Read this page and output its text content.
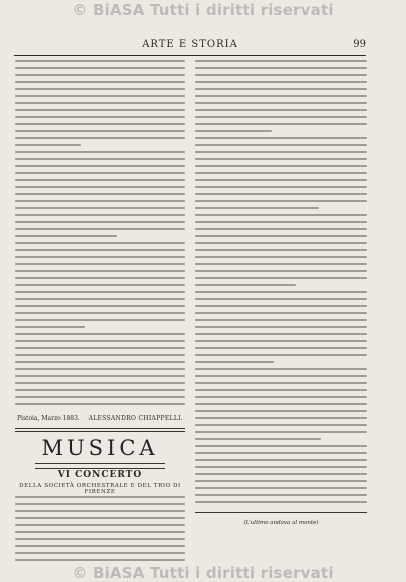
© BiASA Tutti i diritti riservati
ARTE E STORIA	99
Pistoia, Marzo 1883. ALESSANDRO CHIAPPELLI.
MUSICA
VI CONCERTO
DELLA SOCIETÀ ORCHESTRALE E DEL TRIO DI FIRENZE
(L'ultimo andava al monte)
© BiASA Tutti i diritti riservati
